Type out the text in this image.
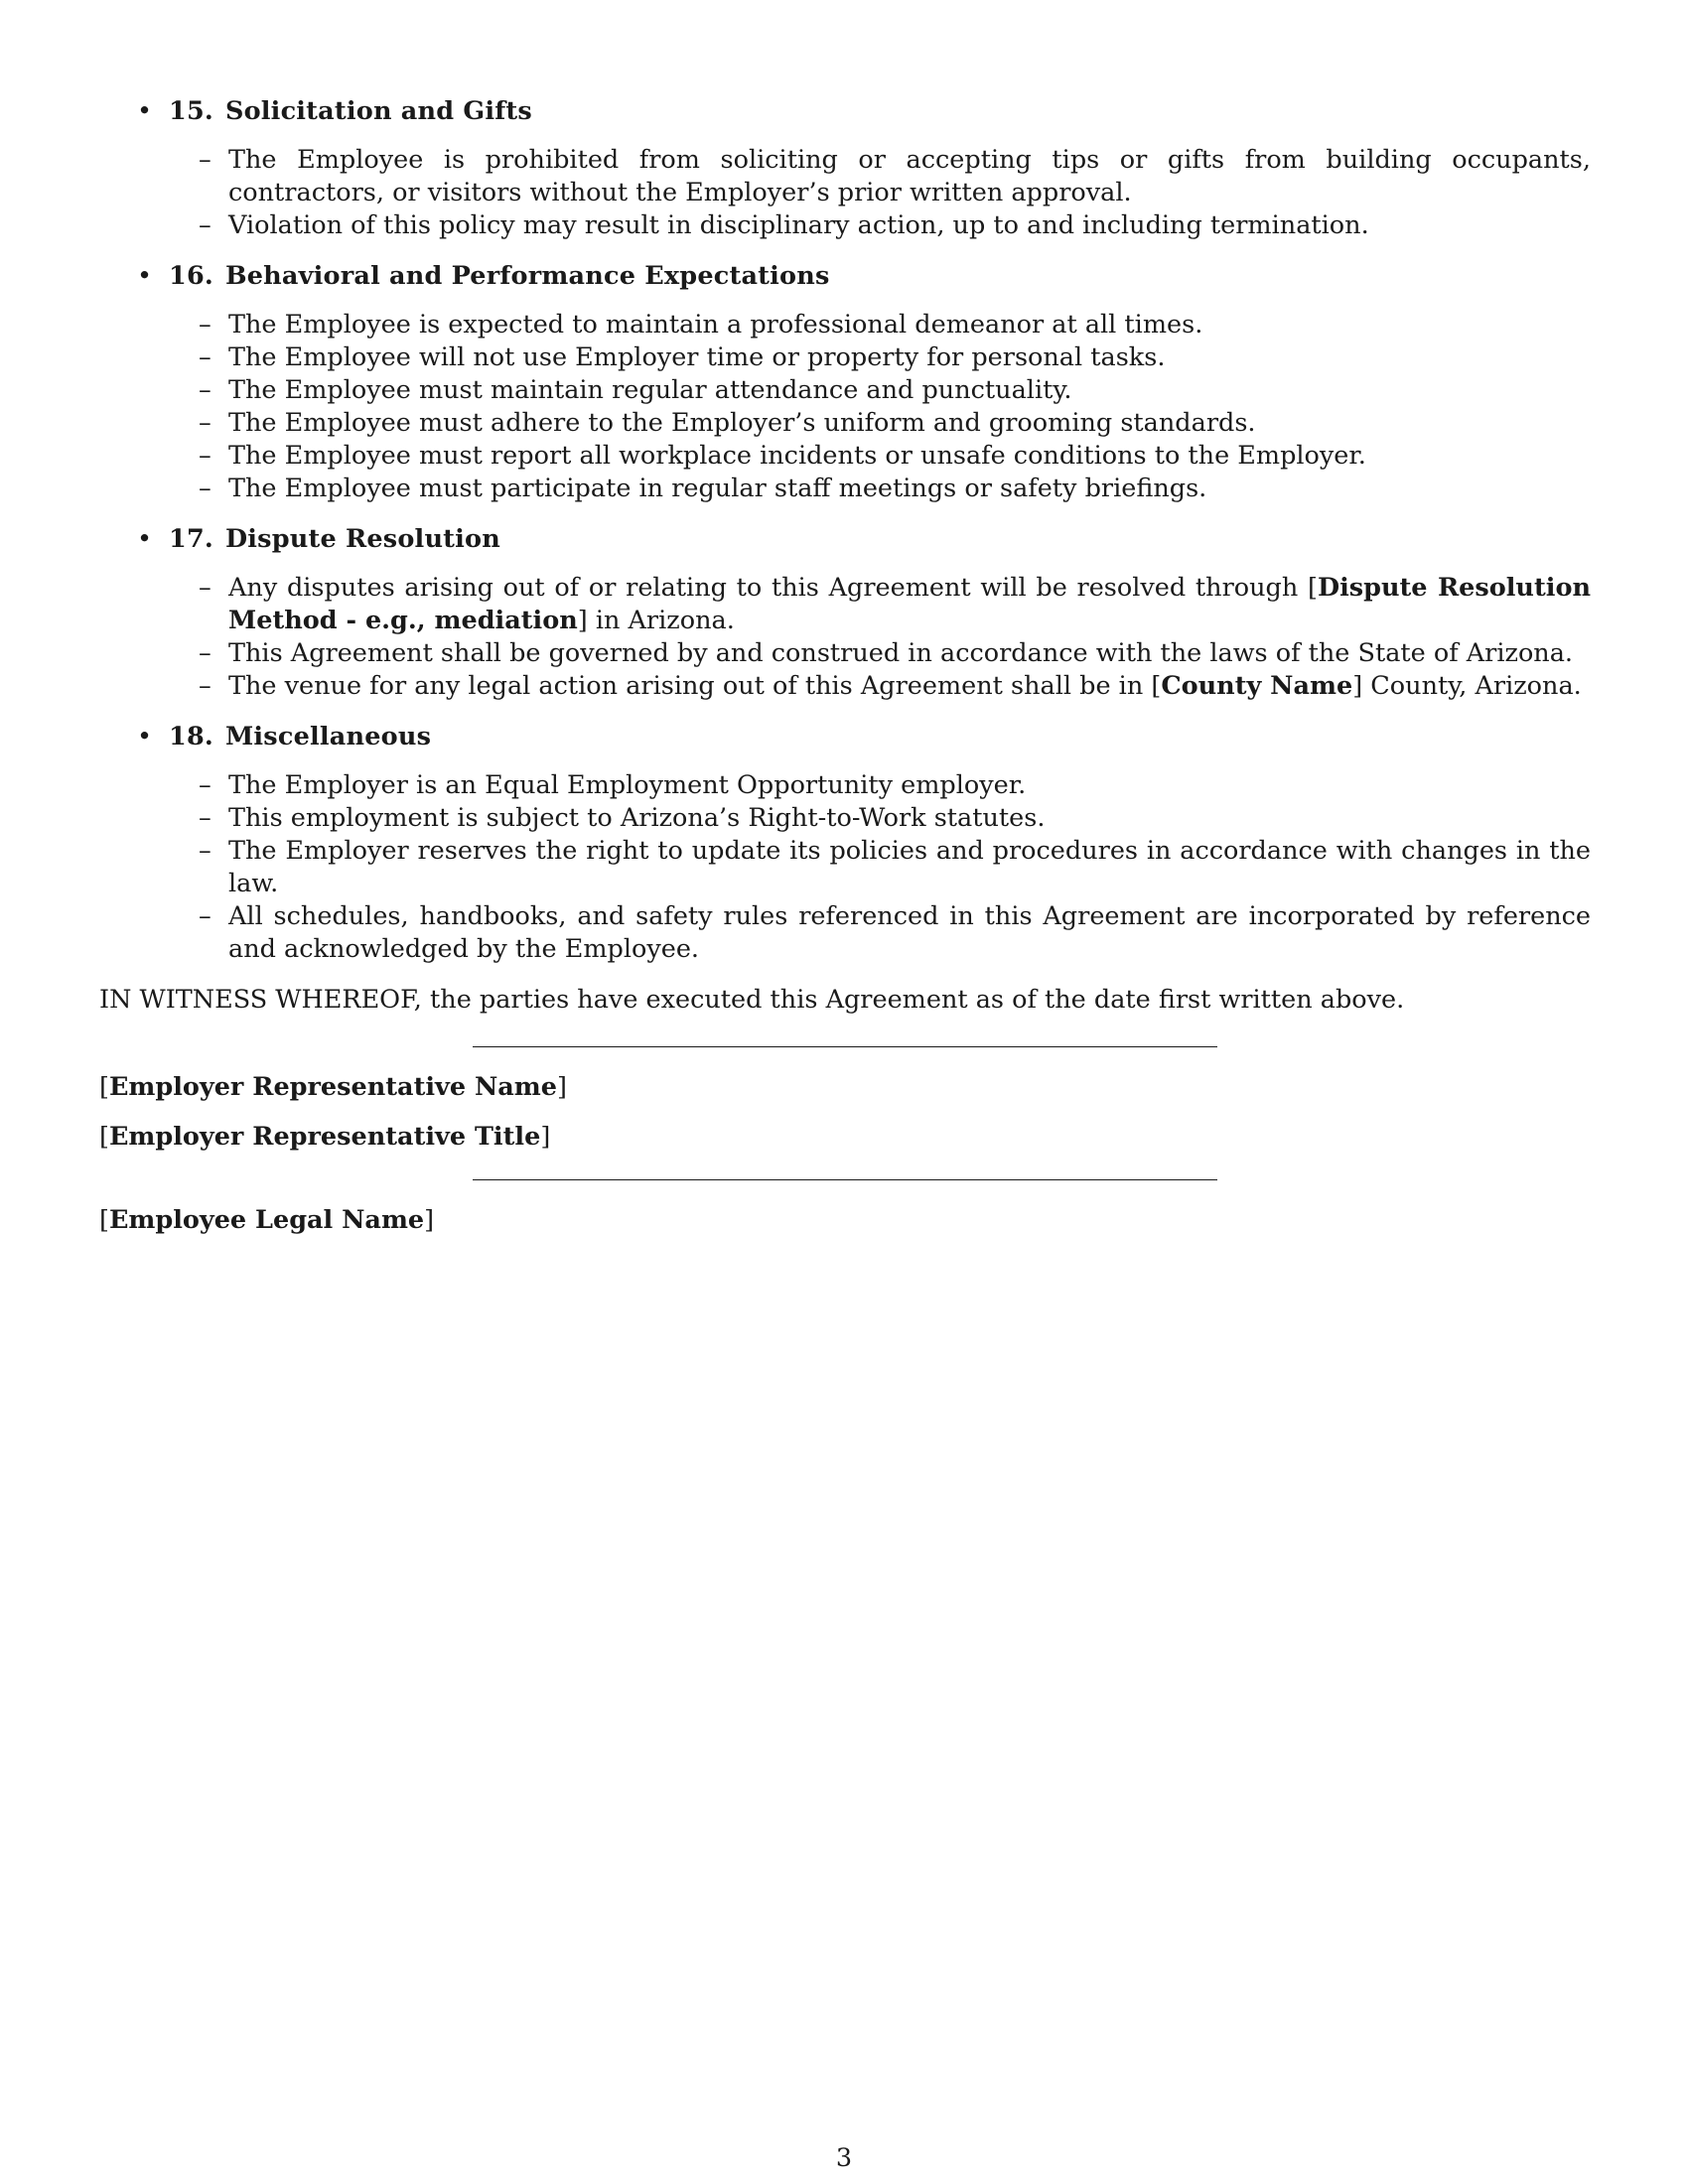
• 15. Solicitation and Gifts
– The Employee is prohibited from soliciting or accepting tips or gifts from building occupants, contractors, or visitors without the Employer’s prior written approval.
– Violation of this policy may result in disciplinary action, up to and including termination.
• 16. Behavioral and Performance Expectations
– The Employee is expected to maintain a professional demeanor at all times.
– The Employee will not use Employer time or property for personal tasks.
– The Employee must maintain regular attendance and punctuality.
– The Employee must adhere to the Employer’s uniform and grooming standards.
– The Employee must report all workplace incidents or unsafe conditions to the Employer.
– The Employee must participate in regular staff meetings or safety briefings.
• 17. Dispute Resolution
– Any disputes arising out of or relating to this Agreement will be resolved through [Dispute Resolution Method - e.g., mediation] in Arizona.
– This Agreement shall be governed by and construed in accordance with the laws of the State of Arizona.
– The venue for any legal action arising out of this Agreement shall be in [County Name] County, Arizona.
• 18. Miscellaneous
– The Employer is an Equal Employment Opportunity employer.
– This employment is subject to Arizona’s Right-to-Work statutes.
– The Employer reserves the right to update its policies and procedures in accordance with changes in the law.
– All schedules, handbooks, and safety rules referenced in this Agreement are incorporated by reference and acknowledged by the Employee.
IN WITNESS WHEREOF, the parties have executed this Agreement as of the date first written above.
[Employer Representative Name]
[Employer Representative Title]
[Employee Legal Name]
3
